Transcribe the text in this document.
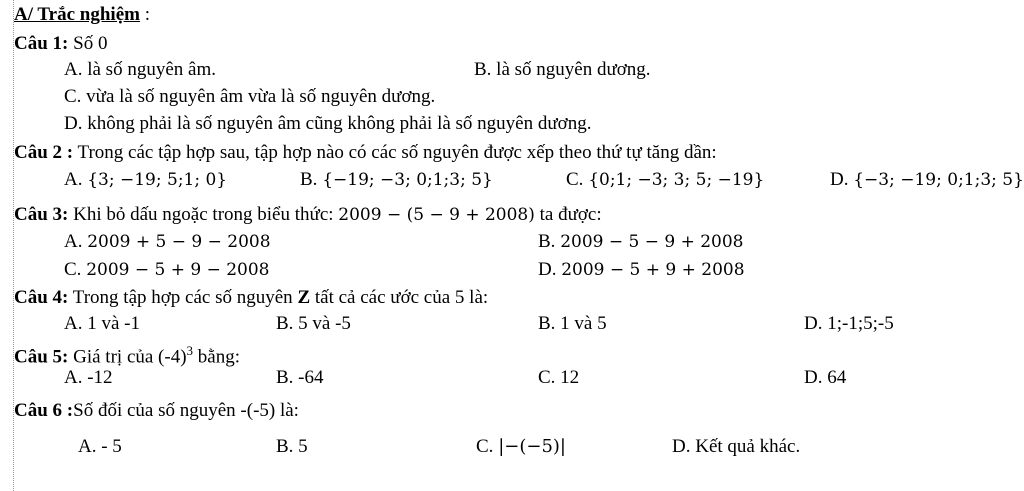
A/ Trắc nghiệm :
Câu 1: Số 0
A. là số nguyên âm.	B. là số nguyên dương.
C. vừa là số nguyên âm vừa là số nguyên dương.
D. không phải là số nguyên âm cũng không phải là số nguyên dương.
Câu 2 : Trong các tập hợp sau, tập hợp nào có các số nguyên được xếp theo thứ tự tăng dần:
A. {3; −19; 5;1; 0}	B. {−19; −3; 0;1;3; 5}	C. {0;1; −3; 3; 5; −19}	D. {−3; −19; 0;1;3; 5}
Câu 3: Khi bỏ dấu ngoặc trong biểu thức: 2009 − (5 − 9 + 2008) ta được:
A. 2009 + 5 − 9 − 2008	B. 2009 − 5 − 9 + 2008
C. 2009 − 5 + 9 − 2008	D. 2009 − 5 + 9 + 2008
Câu 4: Trong tập hợp các số nguyên Z tất cả các ước của 5 là:
A. 1 và -1	B. 5 và -5	B. 1 và 5	D. 1;-1;5;-5
Câu 5: Giá trị của $(-4)^3$ bằng:
A. -12	B. -64	C. 12	D. 64
Câu 6 :Số đối của số nguyên -(-5) là:
A. - 5	B. 5	C. |−(−5)|	D. Kết quả khác.
